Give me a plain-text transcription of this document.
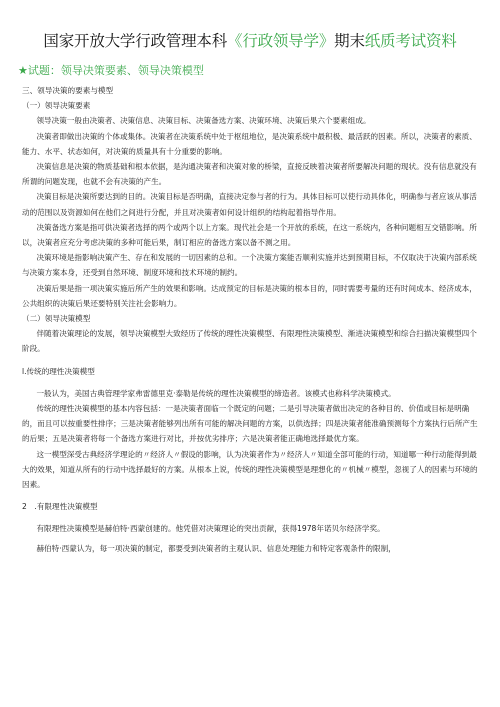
国家开放大学行政管理本科《行政领导学》期末纸质考试资料
★试题：领导决策要素、领导决策模型

三、领导决策的要素与模型

（一）领导决策要素

领导决策一般由决策者、决策信息、决策目标、决策备选方案、决策环境、决策后果六个要素组成。

决策者即做出决策的个体或集体。决策者在决策系统中处于枢纽地位，是决策系统中最积极、最活跃的因素。所以，决策者的素质、能力、水平、状态如何，对决策的质量具有十分重要的影响。

决策信息是决策的物质基础和根本依据，是沟通决策者和决策对象的桥梁，直接反映着决策者所要解决问题的现状。没有信息就没有所谓的问题发现，也就不会有决策的产生。

决策目标是决策所要达到的目的。决策目标是否明确，直接决定参与者的行为。具体目标可以使行动具体化，明确参与者应该从事活动的范围以及资源如何在他们之间进行分配，并且对决策者如何设计组织的结构起着指导作用。

决策备选方案是指可供决策者选择的两个或两个以上方案。现代社会是一个开放的系统，在这一系统内，各种问题相互交错影响。所以，决策者应充分考虑决策的多种可能后果，制订相应的备选方案以备不测之用。

决策环境是指影响决策产生、存在和发展的一切因素的总和。一个决策方案能否顺利实施并达到预期目标，不仅取决于决策内部系统与决策方案本身，还受到自然环境、制度环境和技术环境的制约。

决策后果是指一项决策实施后所产生的效果和影响。达成预定的目标是决策的根本目的，同时需要考量的还有时间成本、经济成本，公共组织的决策后果还要特别关注社会影响力。

（二）领导决策模型

伴随着决策理论的发展，领导决策模型大致经历了传统的理性决策模型、有限理性决策模型、渐进决策模型和综合扫描决策模型四个阶段。

l.传统的理性决策模型

一般认为，美国古典管理学家弗雷德里克·泰勒是传统的理性决策模型的缔造者。该模式也称科学决策模式。

传统的理性决策模型的基本内容包括：一是决策者面临一个既定的问题；二是引导决策者做出决定的各种目的、价值或目标是明确的，而且可以按重要性排序；三是决策者能够列出所有可能的解决问题的方案，以供选择；四是决策者能准确预测每个方案执行后所产生的后果；五是决策者将每一个备选方案进行对比，并按优劣排序；六是决策者能正确地选择最优方案。

这一模型深受古典经济学理论的〃经济人〃假设的影响，认为决策者作为〃经济人〃知道全部可能的行动，知道哪一种行动能得到最大的效果，知道从所有的行动中选择最好的方案。从根本上说，传统的理性决策模型是理想化的〃机械〃模型，忽视了人的因素与环境的因素。

2　.有限理性决策模型

有限理性决策模型是赫伯特·西蒙创建的。他凭借对决策理论的突出贡献，获得1978年诺贝尔经济学奖。

赫伯特·西蒙认为，每一项决策的制定，都要受到决策者的主观认识、信息处理能力和特定客观条件的限制，
